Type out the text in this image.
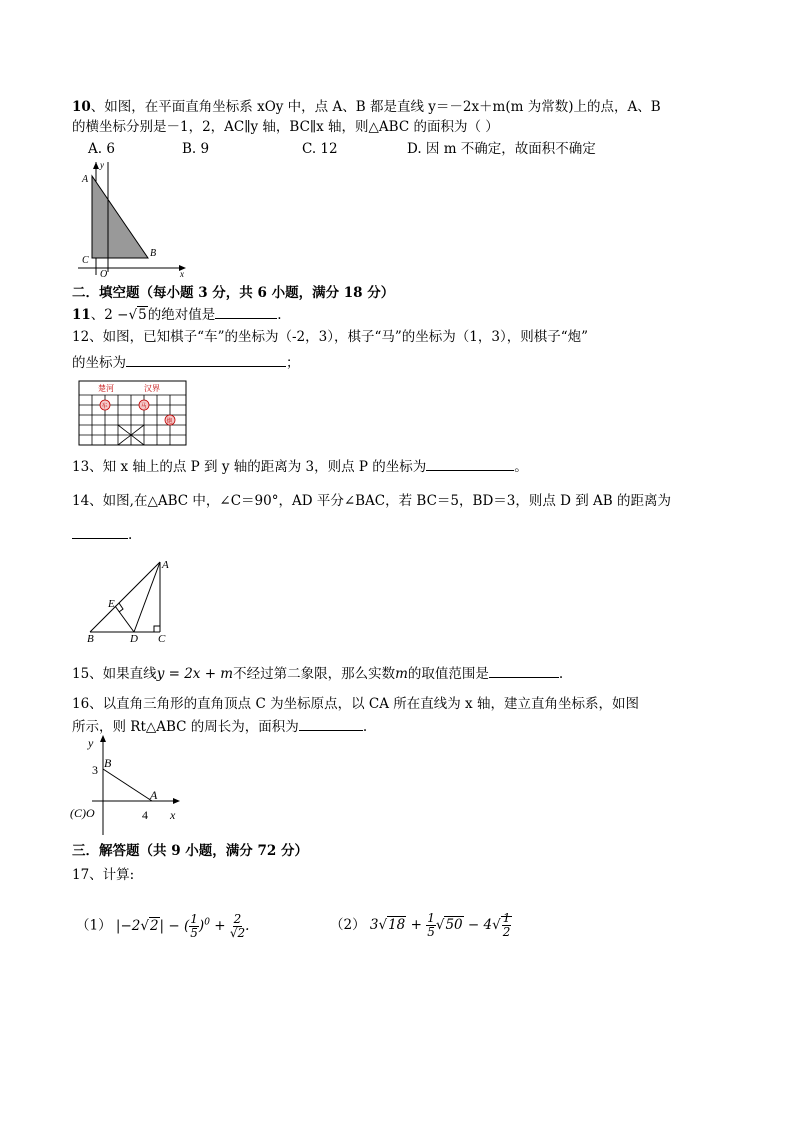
10、如图，在平面直角坐标系 xOy 中，点 A、B 都是直线 y＝－2x＋m(m 为常数)上的点，A、B
的横坐标分别是－1，2，AC∥y 轴，BC∥x 轴，则△ABC 的面积为（ ）
A. 6	B. 9	C. 12	D. 因 m 不确定，故面积不确定
y
A
C
O
B
x
二．填空题（每小题 3 分，共 6 小题，满分 18 分）
11、2 −√5的绝对值是	.
12、如图，已知棋子“车”的坐标为（-2，3），棋子“马”的坐标为（1，3），则棋子“炮”
的坐标为	；
楚河	汉界
车	马
炮
13、知 x 轴上的点 P 到 y 轴的距离为 3，则点 P 的坐标为	。
14、如图,在△ABC 中，∠C＝90°，AD 平分∠BAC，若 BC＝5，BD＝3，则点 D 到 AB 的距离为
.
A
E
B	D C
15、如果直线y = 2x + m不经过第二象限，那么实数m的取值范围是	.
16、以直角三角形的直角顶点 C 为坐标原点，以 CA 所在直线为 x 轴，建立直角坐标系，如图
所示，则 Rt△ABC 的周长为，面积为	.
y
3 B
A
(C)O	4 x
三．解答题（共 9 小题，满分 72 分）
17、计算:
（1） |−2√2| − ( $\frac{1}{5} )^0 + \frac{2}{√2}$ .	（2） $3√18 + \frac{1}{5} √50 - 4√ \frac{1}{2}$
